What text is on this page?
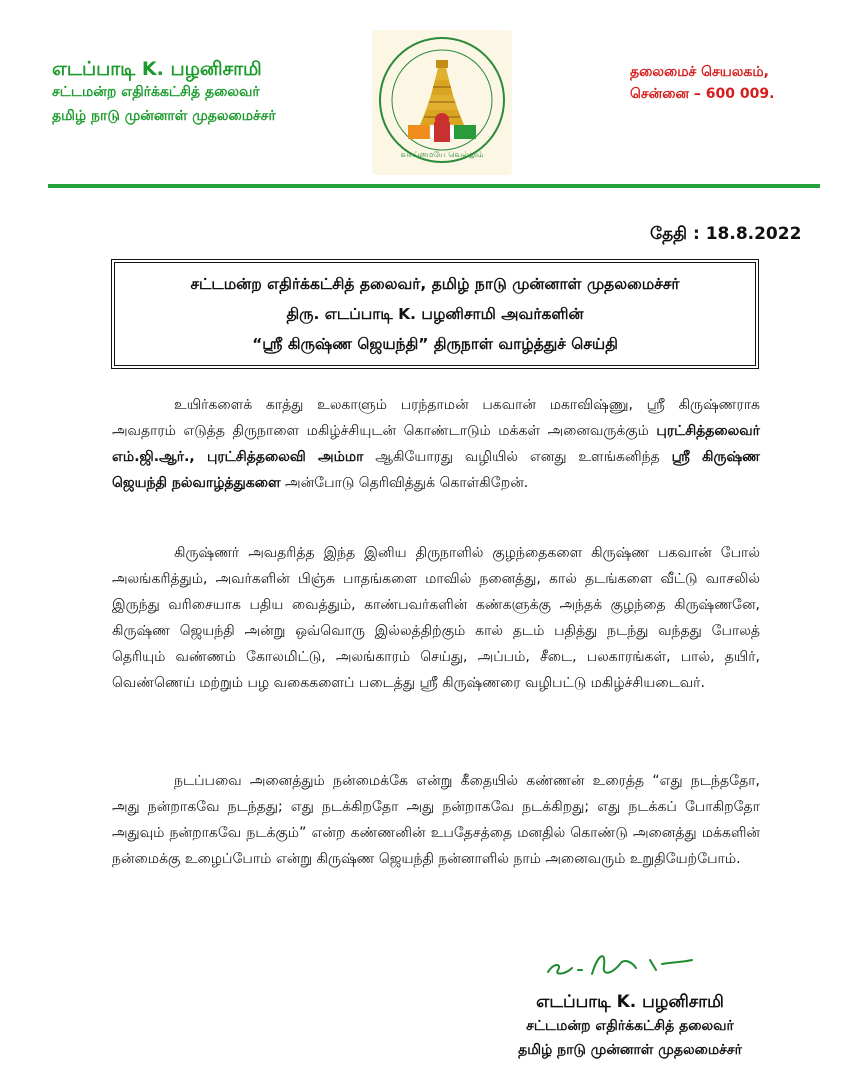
எடப்பாடி K. பழனிசாமி
சட்டமன்ற எதிர்க்கட்சித் தலைவர்
தமிழ் நாடு முன்னாள் முதலமைச்சர்
வாய்மையே வெல்லும்
தலைமைச் செயலகம்,
சென்னை – 600 009.
தேதி : 18.8.2022
சட்டமன்ற எதிர்க்கட்சித் தலைவர், தமிழ் நாடு முன்னாள் முதலமைச்சர்
திரு. எடப்பாடி K. பழனிசாமி அவர்களின்
“ஸ்ரீ கிருஷ்ண ஜெயந்தி” திருநாள் வாழ்த்துச் செய்தி

உயிர்களைக் காத்து உலகாளும் பரந்தாமன் பகவான் மகாவிஷ்ணு, ஸ்ரீ கிருஷ்ணராக அவதாரம் எடுத்த திருநாளை மகிழ்ச்சியுடன் கொண்டாடும் மக்கள் அனைவருக்கும் புரட்சித்தலைவர் எம்.ஜி.ஆர்., புரட்சித்தலைவி அம்மா ஆகியோரது வழியில் எனது உளங்கனிந்த ஸ்ரீ கிருஷ்ண ஜெயந்தி நல்வாழ்த்துகளை அன்போடு தெரிவித்துக் கொள்கிறேன்.

கிருஷ்ணர் அவதரித்த இந்த இனிய திருநாளில் குழந்தைகளை கிருஷ்ண பகவான் போல் அலங்கரித்தும், அவர்களின் பிஞ்சு பாதங்களை மாவில் நனைத்து, கால் தடங்களை வீட்டு வாசலில் இருந்து வரிசையாக பதிய வைத்தும், காண்பவர்களின் கண்களுக்கு அந்தக் குழந்தை கிருஷ்ணனே, கிருஷ்ண ஜெயந்தி அன்று ஒவ்வொரு இல்லத்திற்கும் கால் தடம் பதித்து நடந்து வந்தது போலத் தெரியும் வண்ணம் கோலமிட்டு, அலங்காரம் செய்து, அப்பம், சீடை, பலகாரங்கள், பால், தயிர், வெண்ணெய் மற்றும் பழ வகைகளைப் படைத்து ஸ்ரீ கிருஷ்ணரை வழிபட்டு மகிழ்ச்சியடைவர்.

நடப்பவை அனைத்தும் நன்மைக்கே என்று கீதையில் கண்ணன் உரைத்த “எது நடந்ததோ, அது நன்றாகவே நடந்தது; எது நடக்கிறதோ அது நன்றாகவே நடக்கிறது; எது நடக்கப் போகிறதோ அதுவும் நன்றாகவே நடக்கும்” என்ற கண்ணனின் உபதேசத்தை மனதில் கொண்டு அனைத்து மக்களின் நன்மைக்கு உழைப்போம் என்று கிருஷ்ண ஜெயந்தி நன்னாளில் நாம் அனைவரும் உறுதியேற்போம்.

எடப்பாடி K. பழனிசாமி
சட்டமன்ற எதிர்க்கட்சித் தலைவர்
தமிழ் நாடு முன்னாள் முதலமைச்சர்
